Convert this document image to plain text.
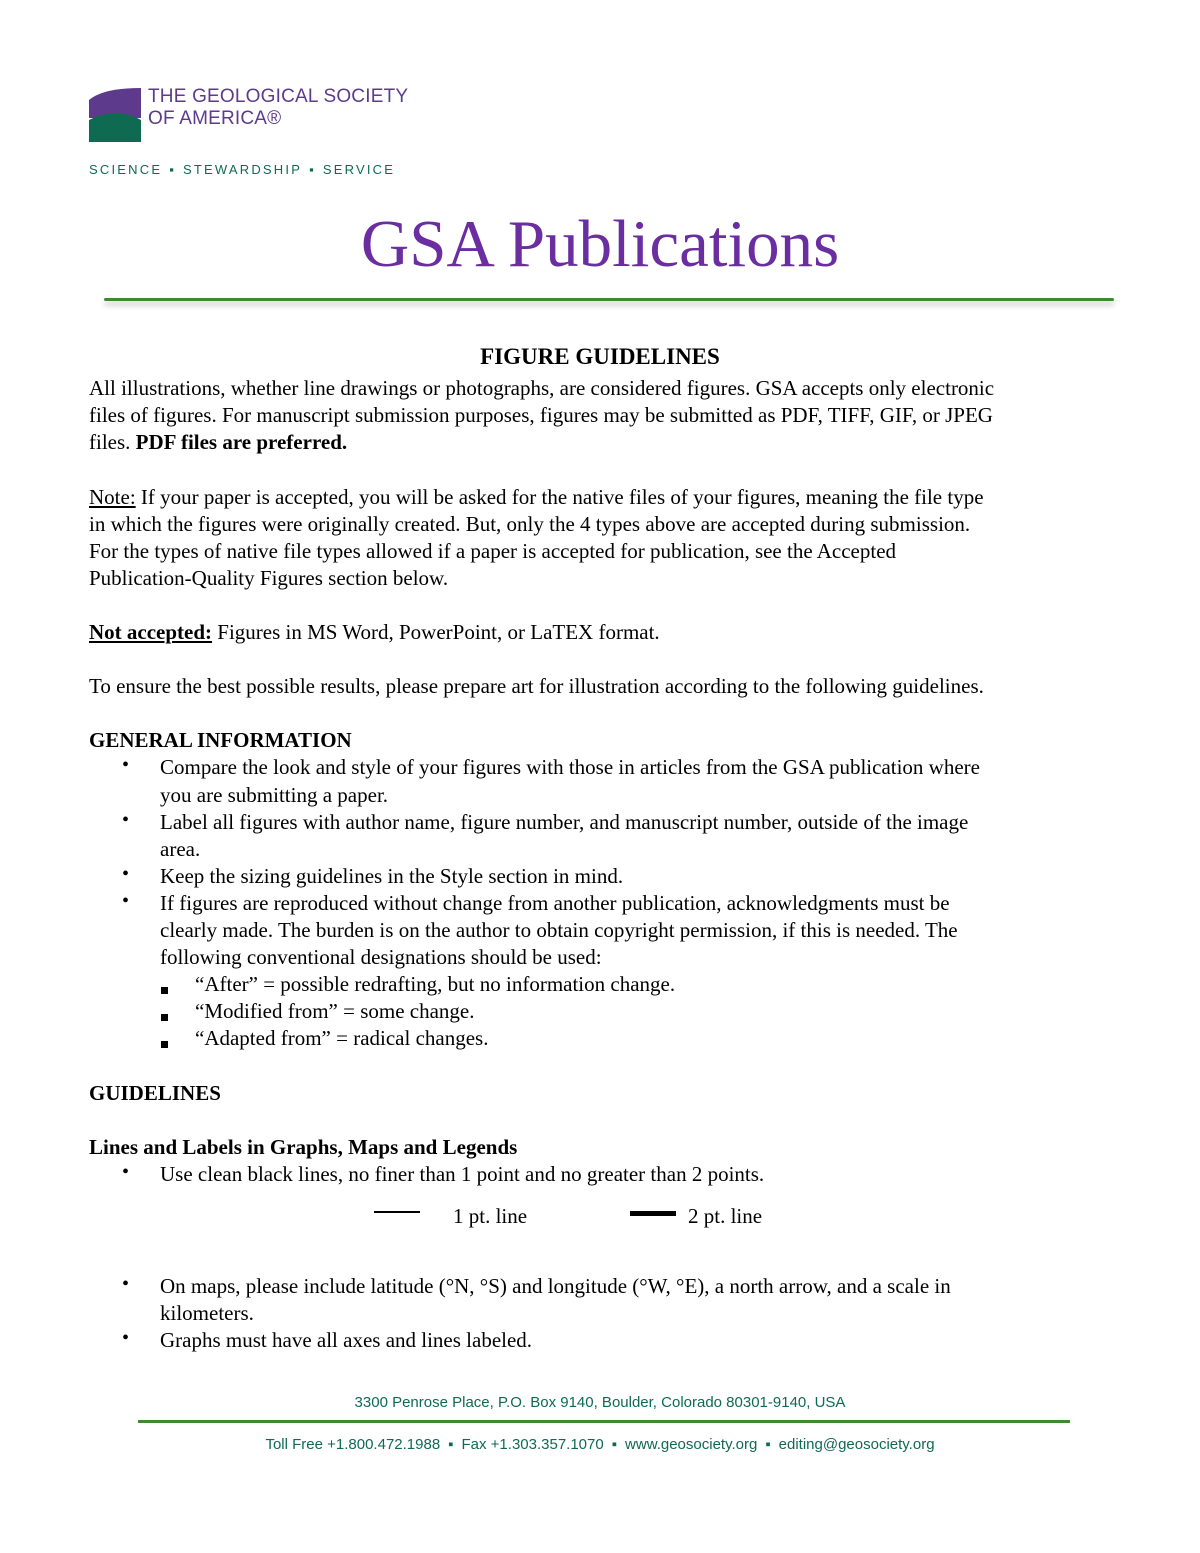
THE GEOLOGICAL SOCIETY
OF AMERICA®
SCIENCE ▪ STEWARDSHIP ▪ SERVICE
GSA Publications
FIGURE GUIDELINES
All illustrations, whether line drawings or photographs, are considered figures. GSA accepts only electronic
files of figures. For manuscript submission purposes, figures may be submitted as PDF, TIFF, GIF, or JPEG
files. PDF files are preferred.
Note: If your paper is accepted, you will be asked for the native files of your figures, meaning the file type
in which the figures were originally created. But, only the 4 types above are accepted during submission.
For the types of native file types allowed if a paper is accepted for publication, see the Accepted
Publication-Quality Figures section below.
Not accepted: Figures in MS Word, PowerPoint, or LaTEX format.
To ensure the best possible results, please prepare art for illustration according to the following guidelines.
GENERAL INFORMATION
• Compare the look and style of your figures with those in articles from the GSA publication where
you are submitting a paper.
• Label all figures with author name, figure number, and manuscript number, outside of the image
area.
• Keep the sizing guidelines in the Style section in mind.
• If figures are reproduced without change from another publication, acknowledgments must be
clearly made. The burden is on the author to obtain copyright permission, if this is needed. The
following conventional designations should be used:
“After” = possible redrafting, but no information change.
“Modified from” = some change.
“Adapted from” = radical changes.
GUIDELINES
Lines and Labels in Graphs, Maps and Legends
• Use clean black lines, no finer than 1 point and no greater than 2 points.
1 pt. line	2 pt. line
• On maps, please include latitude (°N, °S) and longitude (°W, °E), a north arrow, and a scale in
kilometers.
• Graphs must have all axes and lines labeled.
3300 Penrose Place, P.O. Box 9140, Boulder, Colorado 80301-9140, USA
Toll Free +1.800.472.1988 ▪ Fax +1.303.357.1070 ▪ www.geosociety.org ▪ editing@geosociety.org
